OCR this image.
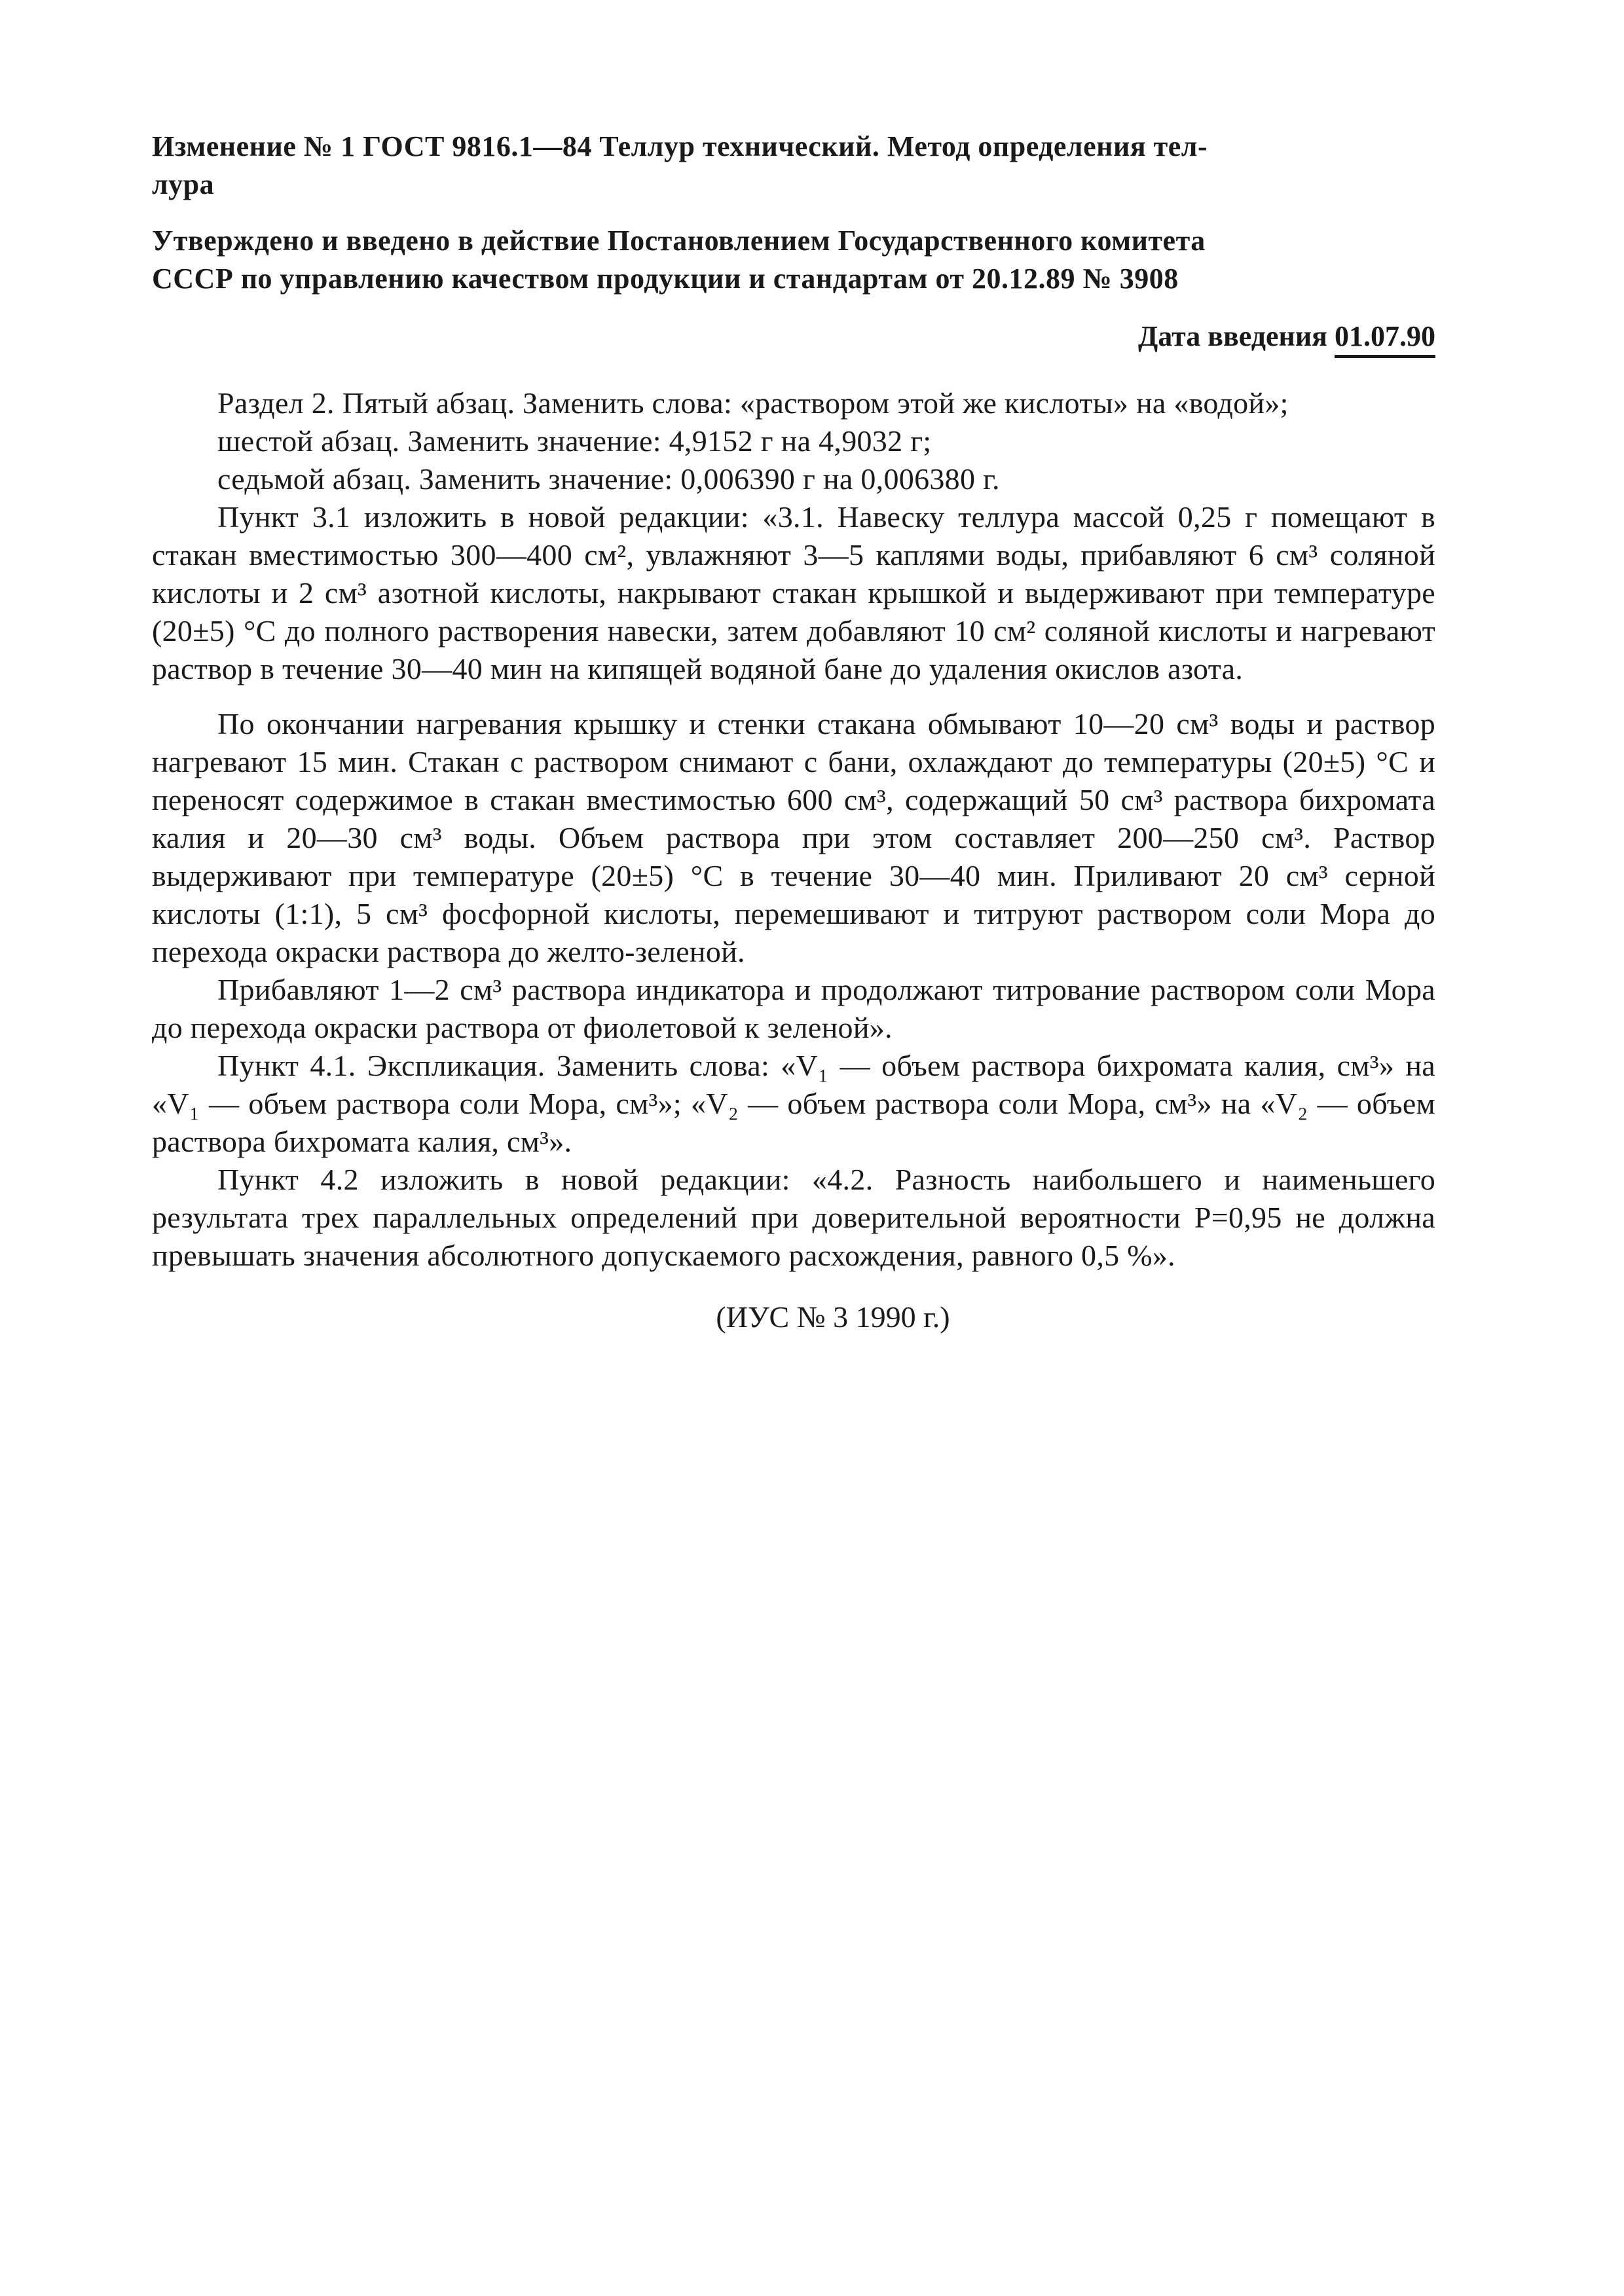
Изменение № 1 ГОСТ 9816.1—84 Теллур технический. Метод определения тел-
лура
Утверждено и введено в действие Постановлением Государственного комитета
СССР по управлению качеством продукции и стандартам от 20.12.89 № 3908
Дата введения 01.07.90

Раздел 2. Пятый абзац. Заменить слова: «раствором этой же кислоты» на «водой»;

шестой абзац. Заменить значение: 4,9152 г на 4,9032 г;

седьмой абзац. Заменить значение: 0,006390 г на 0,006380 г.

Пункт 3.1 изложить в новой редакции: «3.1. Навеску теллура массой 0,25 г помещают в стакан вместимостью 300—400 см², увлажняют 3—5 каплями воды, прибавляют 6 см³ соляной кислоты и 2 см³ азотной кислоты, накрывают стакан крышкой и выдерживают при температуре (20±5) °С до полного растворения навески, затем добавляют 10 см² соляной кислоты и нагревают раствор в течение 30—40 мин на кипящей водяной бане до удаления окислов азота.

По окончании нагревания крышку и стенки стакана обмывают 10—20 см³ воды и раствор нагревают 15 мин. Стакан с раствором снимают с бани, охлаждают до температуры (20±5) °С и переносят содержимое в стакан вместимостью 600 см³, содержащий 50 см³ раствора бихромата калия и 20—30 см³ воды. Объем раствора при этом составляет 200—250 см³. Раствор выдерживают при температуре (20±5) °С в течение 30—40 мин. Приливают 20 см³ серной кислоты (1:1), 5 см³ фосфорной кислоты, перемешивают и титруют раствором соли Мора до перехода окраски раствора до желто-зеленой.

Прибавляют 1—2 см³ раствора индикатора и продолжают титрование раствором соли Мора до перехода окраски раствора от фиолетовой к зеленой».

Пункт 4.1. Экспликация. Заменить слова: «V₁ — объем раствора бихромата калия, см³» на «V₁ — объем раствора соли Мора, см³»; «V₂ — объем раствора соли Мора, см³» на «V₂ — объем раствора бихромата калия, см³».

Пункт 4.2 изложить в новой редакции: «4.2. Разность наибольшего и наименьшего результата трех параллельных определений при доверительной вероятности P=0,95 не должна превышать значения абсолютного допускаемого расхождения, равного 0,5 %».

(ИУС № 3 1990 г.)
